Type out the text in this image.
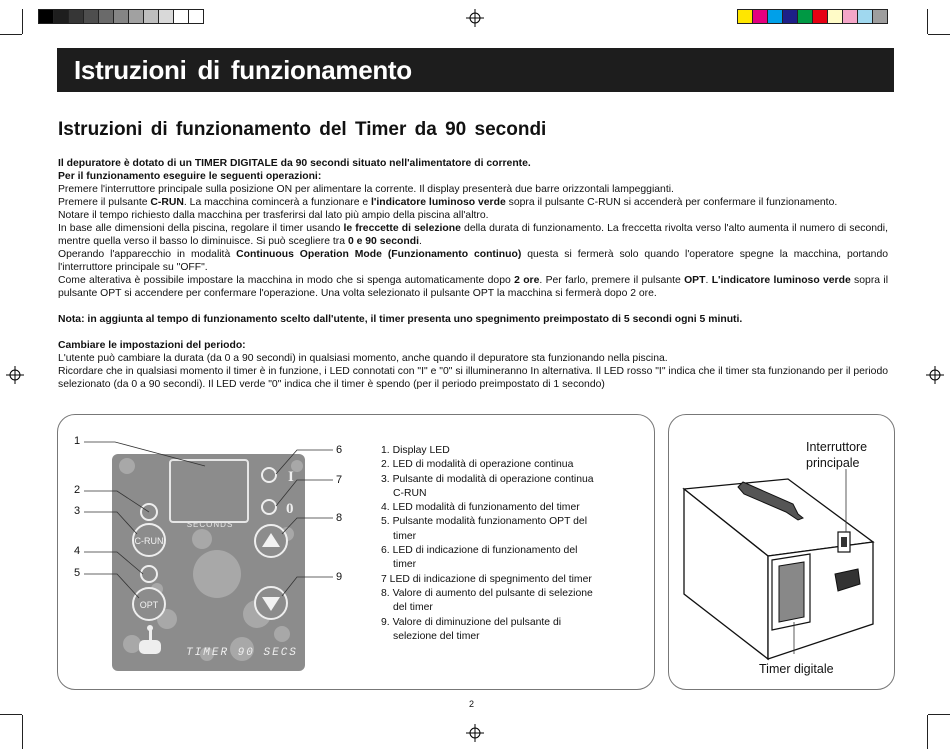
Istruzioni di funzionamento
Istruzioni di funzionamento del Timer da 90 secondi

Il depuratore è dotato di un TIMER DIGITALE da 90 secondi situato nell'alimentatore di corrente.

Per il funzionamento eseguire le seguenti operazioni:

Premere l'interruttore principale sulla posizione ON per alimentare la corrente. Il display presenterà due barre orizzontali lampeggianti.

Premere il pulsante C-RUN. La macchina comincerà a funzionare e l'indicatore luminoso verde sopra il pulsante C-RUN si accenderà per confermare il funzionamento.

Notare il tempo richiesto dalla macchina per trasferirsi dal lato più ampio della piscina all'altro.

In base alle dimensioni della piscina, regolare il timer usando le freccette di selezione della durata di funzionamento. La freccetta rivolta verso l'alto aumenta il numero di secondi, mentre quella verso il basso lo diminuisce. Si può scegliere tra 0 e 90 secondi.

Operando l'apparecchio in modalità Continuous Operation Mode (Funzionamento continuo) questa si fermerà solo quando l'operatore spegne la macchina, portando l'interruttore principale su "OFF".

Come alterativa è possibile impostare la macchina in modo che si spenga automaticamente dopo 2 ore. Per farlo, premere il pulsante OPT. L'indicatore luminoso verde sopra il pulsante OPT si accendere per confermare l'operazione. Una volta selezionato il pulsante OPT la macchina si fermerà dopo 2 ore.

Nota: in aggiunta al tempo di funzionamento scelto dall'utente, il timer presenta uno spegnimento preimpostato di 5 secondi ogni 5 minuti.

Cambiare le impostazioni del periodo:

L'utente può cambiare la durata (da 0 a 90 secondi) in qualsiasi momento, anche quando il depuratore sta funzionando nella piscina.

Ricordare che in qualsiasi momento il timer è in funzione, i LED connotati con "I" e "0" si illumineranno In alternativa. Il LED rosso "I" indica che il timer sta funzionando per il periodo selezionato (da 0 a 90 secondi). Il LED verde "0" indica che il timer è spendo (per il periodo preimpostato di 1 secondo)

SECONDS
C-RUN
OPT
I
0
TIMER 90 SECS
1
2
3
4
5
6
7
8
9
1. Display LED
2. LED di modalità di operazione continua
3. Pulsante di modalità di operazione continua
C-RUN
4. LED modalità di funzionamento del timer
5. Pulsante modalità funzionamento OPT del
timer
6. LED di indicazione di funzionamento del
timer
7 LED di indicazione di spegnimento del timer
8. Valore di aumento del pulsante di selezione
del timer
9. Valore di diminuzione del pulsante di
selezione del timer
Interruttore
principale
Timer digitale
2
